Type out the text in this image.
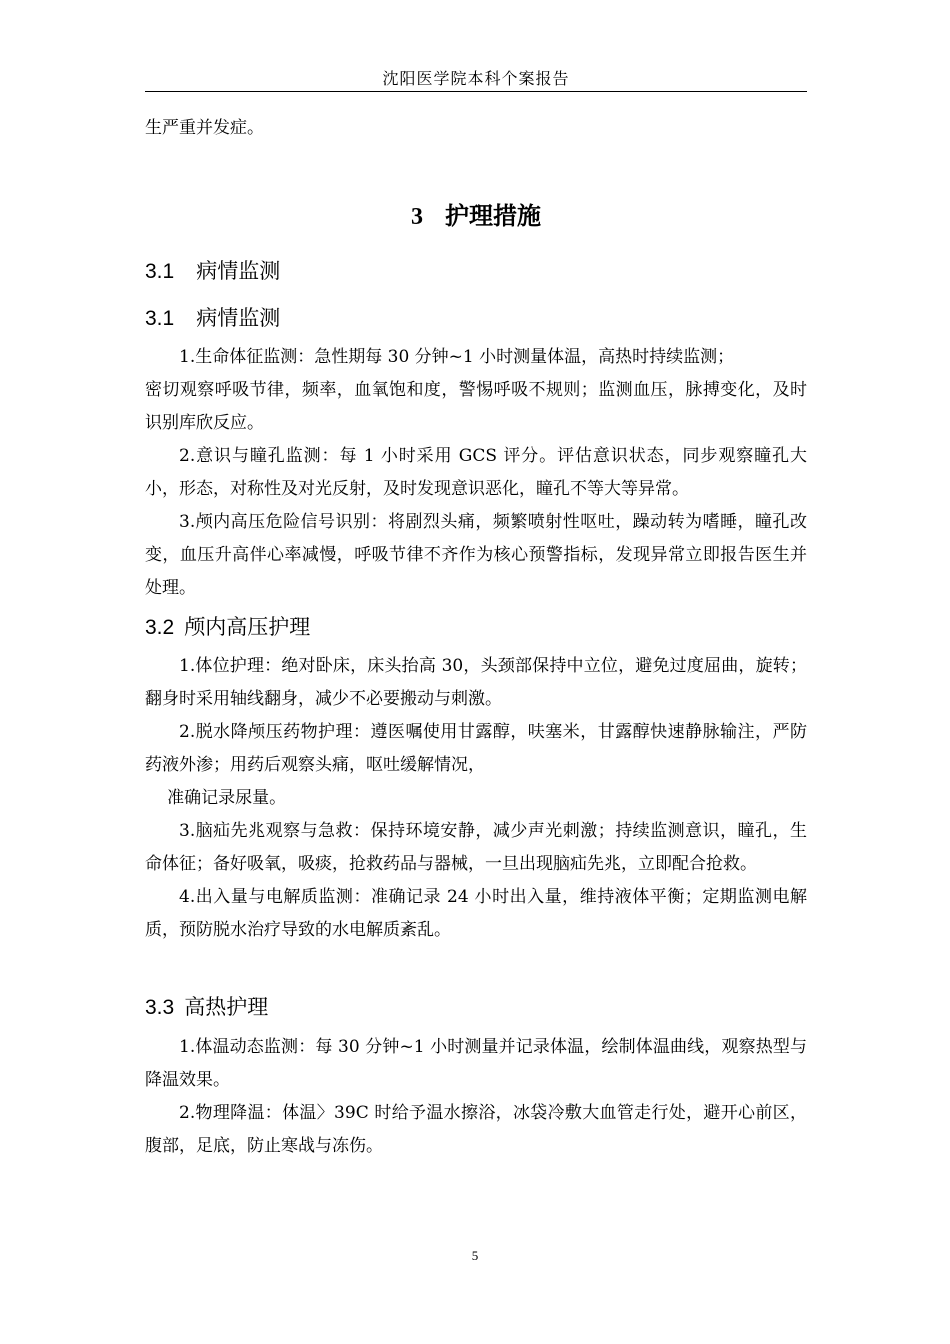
沈阳医学院本科个案报告

生严重并发症。

3 护理措施
3.1 病情监测
3.1 病情监测

1.生命体征监测：急性期每 30 分钟~1 小时测量体温，高热时持续监测；

密切观察呼吸节律，频率，血氧饱和度，警惕呼吸不规则；监测血压，脉搏变化，及时识别库欣反应。

2.意识与瞳孔监测：每 1 小时采用 GCS 评分。评估意识状态，同步观察瞳孔大小，形态，对称性及对光反射，及时发现意识恶化，瞳孔不等大等异常。

3.颅内高压危险信号识别：将剧烈头痛，频繁喷射性呕吐，躁动转为嗜睡，瞳孔改变，血压升高伴心率减慢，呼吸节律不齐作为核心预警指标，发现异常立即报告医生并处理。

3.2 颅内高压护理

1.体位护理：绝对卧床，床头抬高 30，头颈部保持中立位，避免过度屈曲，旋转；翻身时采用轴线翻身，减少不必要搬动与刺激。

2.脱水降颅压药物护理：遵医嘱使用甘露醇，呋塞米，甘露醇快速静脉输注，严防药液外渗；用药后观察头痛，呕吐缓解情况，

准确记录尿量。

3.脑疝先兆观察与急救：保持环境安静，减少声光刺激；持续监测意识，瞳孔，生命体征；备好吸氧，吸痰，抢救药品与器械，一旦出现脑疝先兆，立即配合抢救。

4.出入量与电解质监测：准确记录 24 小时出入量，维持液体平衡；定期监测电解质，预防脱水治疗导致的水电解质紊乱。

3.3 高热护理

1.体温动态监测：每 30 分钟~1 小时测量并记录体温，绘制体温曲线，观察热型与降温效果。

2.物理降温：体温〉39C 时给予温水擦浴，冰袋冷敷大血管走行处，避开心前区，腹部，足底，防止寒战与冻伤。

5
